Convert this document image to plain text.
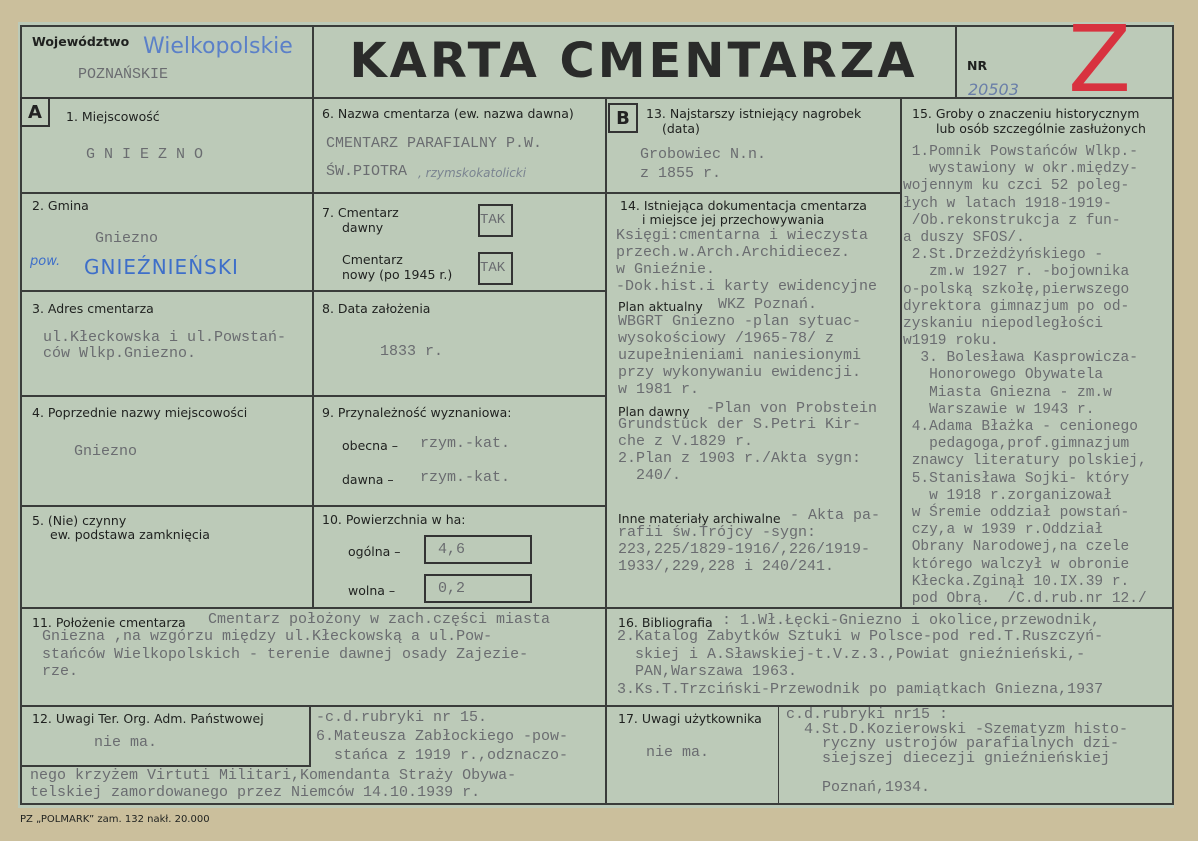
Województwo Wielkopolskie
POZNAŃSKIE	KARTA CMENTARZA	NR
20503 Z
A	1. Miejscowość
G N I E Z N O
2. Gmina
Gniezno
pow. GNIEŹNIEŃSKI
3. Adres cmentarza
ul.Kłeckowska i ul.Powstań-
ców Wlkp.Gniezno.
4. Poprzednie nazwy miejscowości
Gniezno
5. (Nie) czynny
ew. podstawa zamknięcia
6. Nazwa cmentarza (ew. nazwa dawna)
CMENTARZ PARAFIALNY P.W.
ŚW.PIOTRA , rzymskokatolicki
7. Cmentarz
dawny	TAK
Cmentarz
nowy (po 1945 r.) TAK
8. Data założenia
1833 r.
9. Przynależność wyznaniowa:
obecna – rzym.-kat.
dawna – rzym.-kat.
10. Powierzchnia w ha:
ogólna –	4,6
wolna –	0,2
B	13. Najstarszy istniejący nagrobek
(data)
Grobowiec N.n.
z 1855 r.
14. Istniejąca dokumentacja cmentarza
i miejsce jej przechowywania
Księgi:cmentarna i wieczysta
przech.w.Arch.Archidiecez.
w Gnieźnie.
-Dok.hist.i karty ewidencyjne
Plan aktualny WKZ Poznań.
WBGRT Gniezno -plan sytuac-
wysokościowy /1965-78/ z
uzupełnieniami naniesionymi
przy wykonywaniu ewidencji.
w 1981 r.
Plan dawny -Plan von Probstein
Grundstück der S.Petri Kir-
che z V.1829 r.
2.Plan z 1903 r./Akta sygn:
240/.
Inne materiały archiwalne - Akta pa-
rafii św.Trójcy -sygn:
223,225/1829-1916/,226/1919-
1933/,229,228 i 240/241.
15. Groby o znaczeniu historycznym
lub osób szczególnie zasłużonych
1.Pomnik Powstańców Wlkp.-
wystawiony w okr.między-
wojennym ku czci 52 poleg-
łych w latach 1918-1919-
/Ob.rekonstrukcja z fun-
a duszy SFOS/.
2.St.Drzeżdżyńskiego -
zm.w 1927 r. -bojownika
o-polską szkołę,pierwszego
dyrektora gimnazjum po od-
zyskaniu niepodległości
w1919 roku.
3. Bolesława Kasprowicza-
Honorowego Obywatela
Miasta Gniezna - zm.w
Warszawie w 1943 r.
4.Adama Błażka - cenionego
pedagoga,prof.gimnazjum
znawcy literatury polskiej,
5.Stanisława Sojki- który
w 1918 r.zorganizował
w Śremie oddział powstań-
czy,a w 1939 r.Oddział
Obrany Narodowej,na czele
którego walczył w obronie
Kłecka.Zginął 10.IX.39 r.
pod Obrą.  /C.d.rub.nr 12./
11. Położenie cmentarza Cmentarz położony w zach.części miasta
Gniezna ,na wzgórzu między ul.Kłeckowską a ul.Pow-
stańców Wielkopolskich - terenie dawnej osady Zajezie-
rze.
16. Bibliografia : 1.Wł.Łęcki-Gniezno i okolice,przewodnik,
2.Katalog Zabytków Sztuki w Polsce-pod red.T.Ruszczyń-
skiej i A.Sławskiej-t.V.z.3.,Powiat gnieźnieński,-
PAN,Warszawa 1963.
3.Ks.T.Trzciński-Przewodnik po pamiątkach Gniezna,1937
12. Uwagi Ter. Org. Adm. Państwowej
nie ma.
-c.d.rubryki nr 15.
6.Mateusza Zabłockiego -pow-
stańca z 1919 r.,odznaczo-
nego krzyżem Virtuti Militari,Komendanta Straży Obywa-
telskiej zamordowanego przez Niemców 14.10.1939 r.
17. Uwagi użytkownika
nie ma.
c.d.rubryki nr15 :
4.St.D.Kozierowski -Szematyzm histo-
ryczny ustrojów parafialnych dzi-
siejszej diecezji gnieźnieńskiej
Poznań,1934.
PZ „POLMARK” zam. 132 nakł. 20.000
